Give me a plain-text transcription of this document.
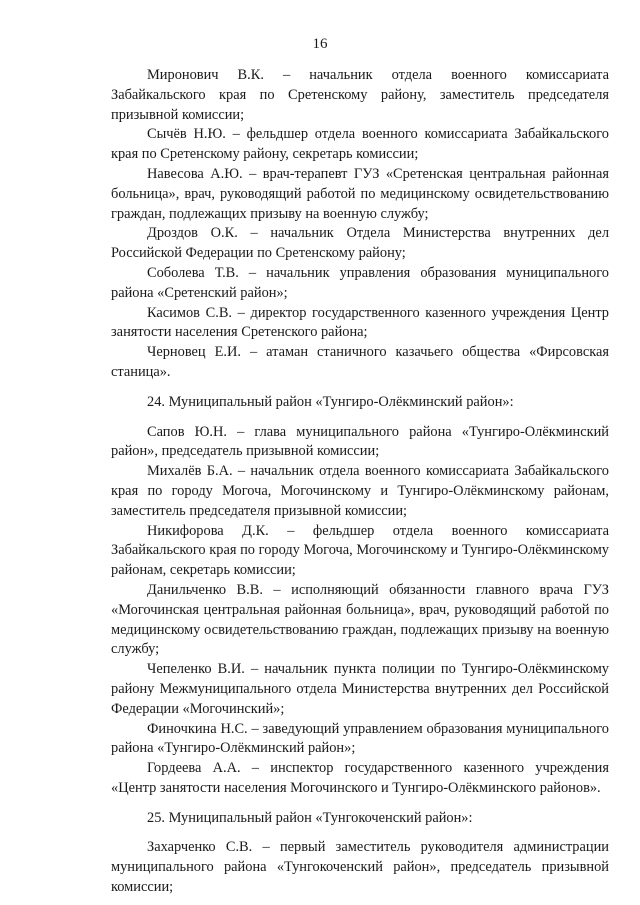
16

Миронович В.К. – начальник отдела военного комиссариата Забайкальского края по Сретенскому району, заместитель председателя призывной комиссии;

Сычёв Н.Ю. – фельдшер отдела военного комиссариата Забайкальского края по Сретенскому району, секретарь комиссии;

Навесова А.Ю. – врач-терапевт ГУЗ «Сретенская центральная районная больница», врач, руководящий работой по медицинскому освидетельствованию граждан, подлежащих призыву на военную службу;

Дроздов О.К. – начальник Отдела Министерства внутренних дел Российской Федерации по Сретенскому району;

Соболева Т.В. – начальник управления образования муниципального района «Сретенский район»;

Касимов С.В. – директор государственного казенного учреждения Центр занятости населения Сретенского района;

Черновец Е.И. – атаман станичного казачьего общества «Фирсовская станица».

24. Муниципальный район «Тунгиро-Олёкминский район»:

Сапов Ю.Н. – глава муниципального района «Тунгиро-Олёкминский район», председатель призывной комиссии;

Михалёв Б.А. – начальник отдела военного комиссариата Забайкальского края по городу Могоча, Могочинскому и Тунгиро-Олёкминскому районам, заместитель председателя призывной комиссии;

Никифорова Д.К. – фельдшер отдела военного комиссариата Забайкальского края по городу Могоча, Могочинскому и Тунгиро-Олёкминскому районам, секретарь комиссии;

Данильченко В.В. – исполняющий обязанности главного врача ГУЗ «Могочинская центральная районная больница», врач, руководящий работой по медицинскому освидетельствованию граждан, подлежащих призыву на военную службу;

Чепеленко В.И. – начальник пункта полиции по Тунгиро-Олёкминскому району Межмуниципального отдела Министерства внутренних дел Российской Федерации «Могочинский»;

Финочкина Н.С. – заведующий управлением образования муниципального района «Тунгиро-Олёкминский район»;

Гордеева А.А. – инспектор государственного казенного учреждения «Центр занятости населения Могочинского и Тунгиро-Олёкминского районов».

25. Муниципальный район «Тунгокоченский район»:

Захарченко С.В. – первый заместитель руководителя администрации муниципального района «Тунгокоченский район», председатель призывной комиссии;
